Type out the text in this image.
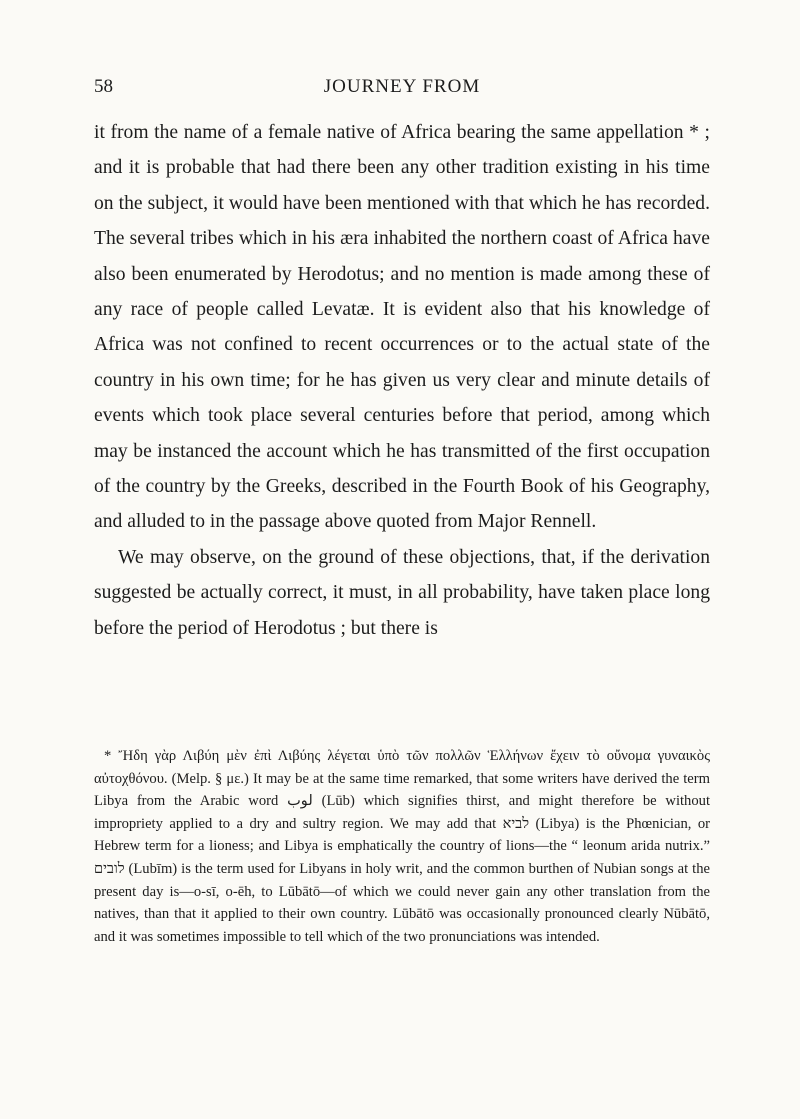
58	JOURNEY FROM

it from the name of a female native of Africa bearing the same appellation * ; and it is probable that had there been any other tradition existing in his time on the subject, it would have been mentioned with that which he has recorded. The several tribes which in his æra inhabited the northern coast of Africa have also been enumerated by Herodotus; and no mention is made among these of any race of people called Levatæ. It is evident also that his knowledge of Africa was not confined to recent occurrences or to the actual state of the country in his own time; for he has given us very clear and minute details of events which took place several centuries before that period, among which may be instanced the account which he has transmitted of the first occupation of the country by the Greeks, described in the Fourth Book of his Geography, and alluded to in the passage above quoted from Major Rennell.

We may observe, on the ground of these objections, that, if the derivation suggested be actually correct, it must, in all probability, have taken place long before the period of Herodotus ; but there is

* Ἤδη γὰρ Λιβύη μὲν ἐπὶ Λιβύης λέγεται ὑπὸ τῶν πολλῶν Ἑλλήνων ἔχειν τὸ οὔνομα γυναικὸς αὐτοχθόνου. (Melp. § με.) It may be at the same time remarked, that some writers have derived the term Libya from the Arabic word لوب (Lūb) which signifies thirst, and might therefore be without impropriety applied to a dry and sultry region. We may add that לביא (Libya) is the Phœnician, or Hebrew term for a lioness; and Libya is emphatically the country of lions—the “ leonum arida nutrix.” לובים (Lubīm) is the term used for Libyans in holy writ, and the common burthen of Nubian songs at the present day is—o-sī, o-ēh, to Lūbātō—of which we could never gain any other translation from the natives, than that it applied to their own country. Lūbātō was occasionally pronounced clearly Nūbātō, and it was sometimes impossible to tell which of the two pronunciations was intended.
